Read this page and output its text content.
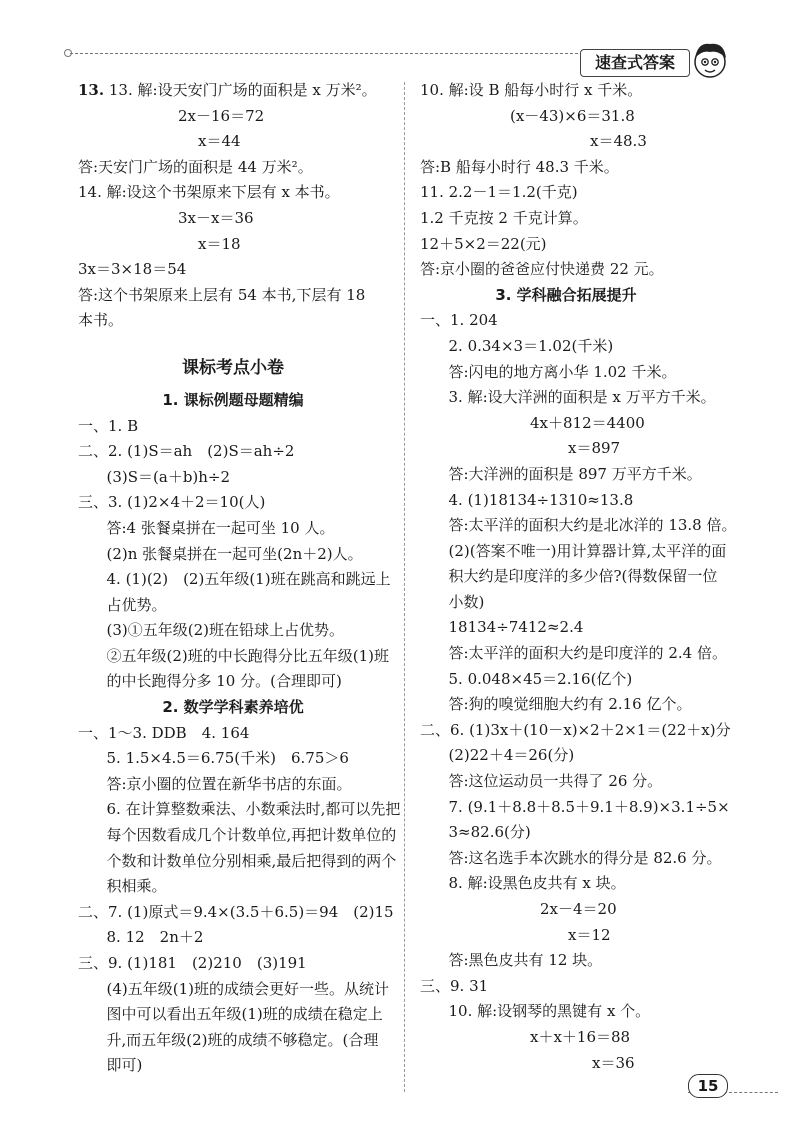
速查式答案
13. 13. 解:设天安门广场的面积是 x 万米²。
2x－16＝72
x＝44
答:天安门广场的面积是 44 万米²。
14. 解:设这个书架原来下层有 x 本书。
3x－x＝36
x＝18
3x＝3×18＝54
答:这个书架原来上层有 54 本书,下层有 18
本书。
课标考点小卷
1. 课标例题母题精编
一、1. B
二、2. (1)S＝ah　(2)S＝ah÷2
(3)S＝(a＋b)h÷2
三、3. (1)2×4＋2＝10(人)
答:4 张餐桌拼在一起可坐 10 人。
(2)n 张餐桌拼在一起可坐(2n＋2)人。
4. (1)(2)　(2)五年级(1)班在跳高和跳远上
占优势。
(3)①五年级(2)班在铅球上占优势。
②五年级(2)班的中长跑得分比五年级(1)班
的中长跑得分多 10 分。(合理即可)
2. 数学学科素养培优
一、1～3. DDB　4. 164
5. 1.5×4.5＝6.75(千米)　6.75＞6
答:京小圈的位置在新华书店的东面。
6. 在计算整数乘法、小数乘法时,都可以先把
每个因数看成几个计数单位,再把计数单位的
个数和计数单位分别相乘,最后把得到的两个
积相乘。
二、7. (1)原式＝9.4×(3.5＋6.5)＝94　(2)15
8. 12　2n＋2
三、9. (1)181　(2)210　(3)191
(4)五年级(1)班的成绩会更好一些。从统计
图中可以看出五年级(1)班的成绩在稳定上
升,而五年级(2)班的成绩不够稳定。(合理
即可)
10. 解:设 B 船每小时行 x 千米。
(x－43)×6＝31.8
x＝48.3
答:B 船每小时行 48.3 千米。
11. 2.2－1＝1.2(千克)
1.2 千克按 2 千克计算。
12＋5×2＝22(元)
答:京小圈的爸爸应付快递费 22 元。
3. 学科融合拓展提升
一、1. 204
2. 0.34×3＝1.02(千米)
答:闪电的地方离小华 1.02 千米。
3. 解:设大洋洲的面积是 x 万平方千米。
4x＋812＝4400
x＝897
答:大洋洲的面积是 897 万平方千米。
4. (1)18134÷1310≈13.8
答:太平洋的面积大约是北冰洋的 13.8 倍。
(2)(答案不唯一)用计算器计算,太平洋的面
积大约是印度洋的多少倍?(得数保留一位
小数)
18134÷7412≈2.4
答:太平洋的面积大约是印度洋的 2.4 倍。
5. 0.048×45＝2.16(亿个)
答:狗的嗅觉细胞大约有 2.16 亿个。
二、6. (1)3x＋(10－x)×2＋2×1＝(22＋x)分
(2)22＋4＝26(分)
答:这位运动员一共得了 26 分。
7. (9.1＋8.8＋8.5＋9.1＋8.9)×3.1÷5×
3≈82.6(分)
答:这名选手本次跳水的得分是 82.6 分。
8. 解:设黑色皮共有 x 块。
2x－4＝20
x＝12
答:黑色皮共有 12 块。
三、9. 31
10. 解:设钢琴的黑键有 x 个。
x＋x＋16＝88
x＝36
15
